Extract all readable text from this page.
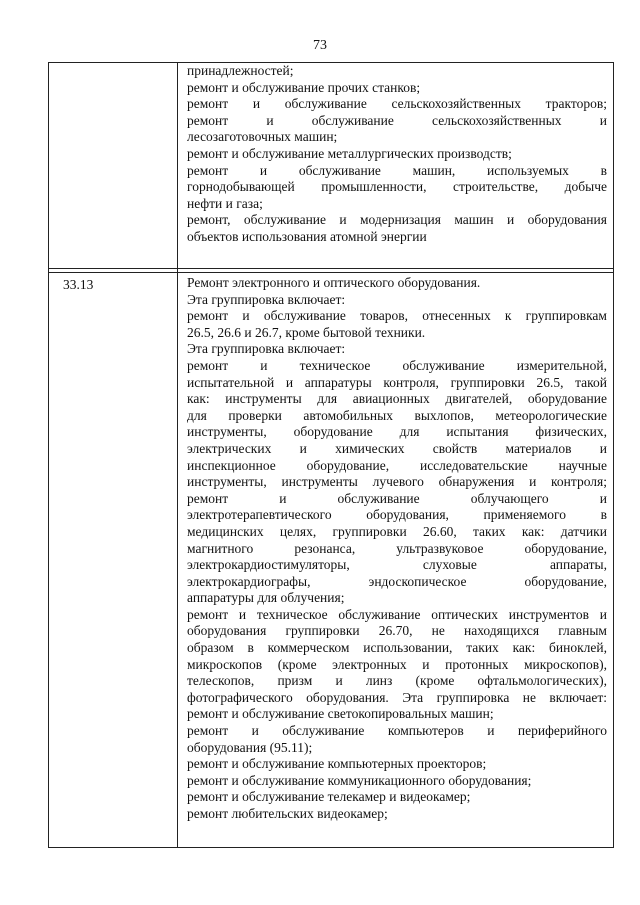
73
принадлежностей;
ремонт и обслуживание прочих станков;
ремонт и обслуживание сельскохозяйственных тракторов;
ремонт	и	обслуживание	сельскохозяйственных	и
лесозаготовочных машин;
ремонт и обслуживание металлургических производств;
ремонт и обслуживание машин, используемых в
горнодобывающей промышленности, строительстве, добыче
нефти и газа;
ремонт, обслуживание и модернизация машин и оборудования
объектов использования атомной энергии
33.13	Ремонт электронного и оптического оборудования.
Эта группировка включает:
ремонт и обслуживание товаров, отнесенных к группировкам
26.5, 26.6 и 26.7, кроме бытовой техники.
Эта группировка включает:
ремонт и техническое обслуживание измерительной,
испытательной и аппаратуры контроля, группировки 26.5, такой
как: инструменты для авиационных двигателей, оборудование
для проверки автомобильных выхлопов, метеорологические
инструменты, оборудование для испытания физических,
электрических и химических свойств материалов и
инспекционное оборудование, исследовательские научные
инструменты, инструменты лучевого обнаружения и контроля;
ремонт	и	обслуживание	облучающего	и
электротерапевтического	оборудования,	применяемого	в
медицинских целях, группировки 26.60, таких как: датчики
магнитного	резонанса,	ультразвуковое	оборудование,
электрокардиостимуляторы,	слуховые	аппараты,
электрокардиографы,	эндоскопическое	оборудование,
аппаратуры для облучения;
ремонт и техническое обслуживание оптических инструментов и
оборудования группировки 26.70, не находящихся главным
образом в коммерческом использовании, таких как: биноклей,
микроскопов (кроме электронных и протонных микроскопов),
телескопов, призм и линз (кроме офтальмологических),
фотографического оборудования. Эта группировка не включает:
ремонт и обслуживание светокопировальных машин;
ремонт и обслуживание компьютеров и периферийного
оборудования (95.11);
ремонт и обслуживание компьютерных проекторов;
ремонт и обслуживание коммуникационного оборудования;
ремонт и обслуживание телекамер и видеокамер;
ремонт любительских видеокамер;
